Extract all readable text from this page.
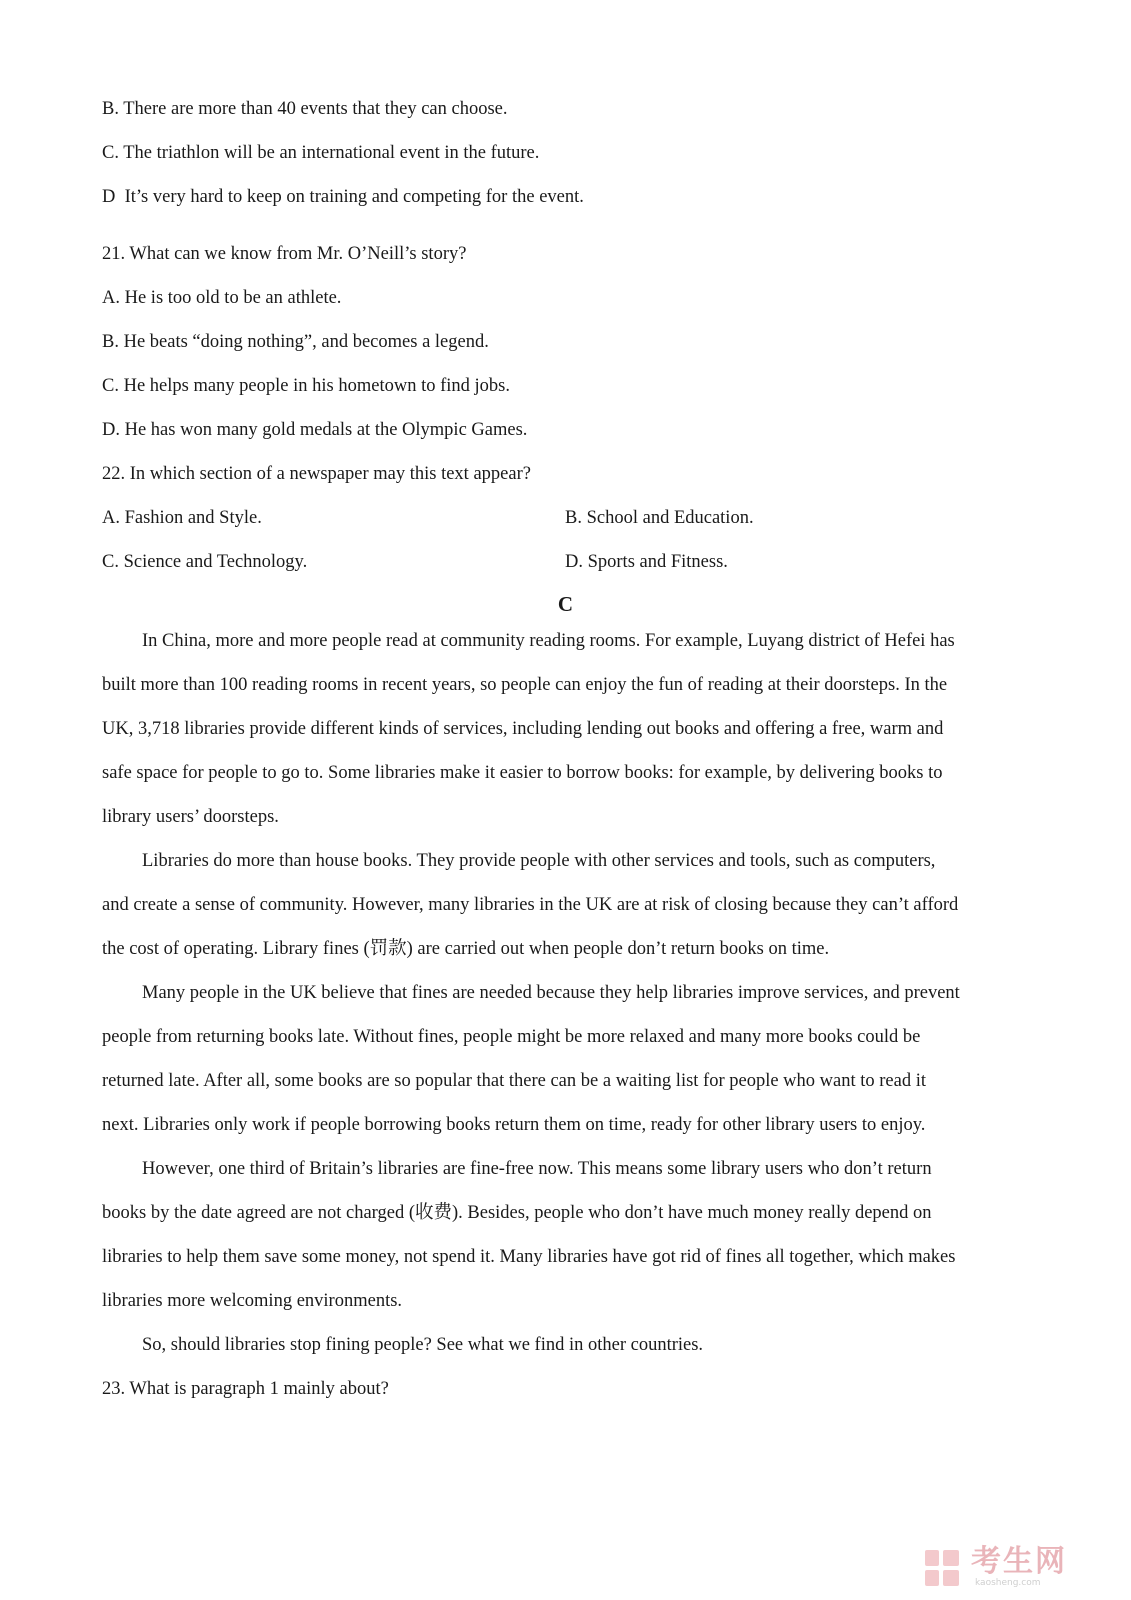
B. There are more than 40 events that they can choose.
C. The triathlon will be an international event in the future.
D  It’s very hard to keep on training and competing for the event.
21. What can we know from Mr. O’Neill’s story?
A. He is too old to be an athlete.
B. He beats “doing nothing”, and becomes a legend.
C. He helps many people in his hometown to find jobs.
D. He has won many gold medals at the Olympic Games.
22. In which section of a newspaper may this text appear?
A. Fashion and Style.	B. School and Education.
C. Science and Technology.	D. Sports and Fitness.
C
In China, more and more people read at community reading rooms. For example, Luyang district of Hefei has
built more than 100 reading rooms in recent years, so people can enjoy the fun of reading at their doorsteps. In the
UK, 3,718 libraries provide different kinds of services, including lending out books and offering a free, warm and
safe space for people to go to. Some libraries make it easier to borrow books: for example, by delivering books to
library users’ doorsteps.
Libraries do more than house books. They provide people with other services and tools, such as computers,
and create a sense of community. However, many libraries in the UK are at risk of closing because they can’t afford
the cost of operating. Library fines (罚款) are carried out when people don’t return books on time.
Many people in the UK believe that fines are needed because they help libraries improve services, and prevent
people from returning books late. Without fines, people might be more relaxed and many more books could be
returned late. After all, some books are so popular that there can be a waiting list for people who want to read it
next. Libraries only work if people borrowing books return them on time, ready for other library users to enjoy.
However, one third of Britain’s libraries are fine-free now. This means some library users who don’t return
books by the date agreed are not charged (收费). Besides, people who don’t have much money really depend on
libraries to help them save some money, not spend it. Many libraries have got rid of fines all together, which makes
libraries more welcoming environments.
So, should libraries stop fining people? See what we find in other countries.
23. What is paragraph 1 mainly about?
考生网
kaosheng.com
